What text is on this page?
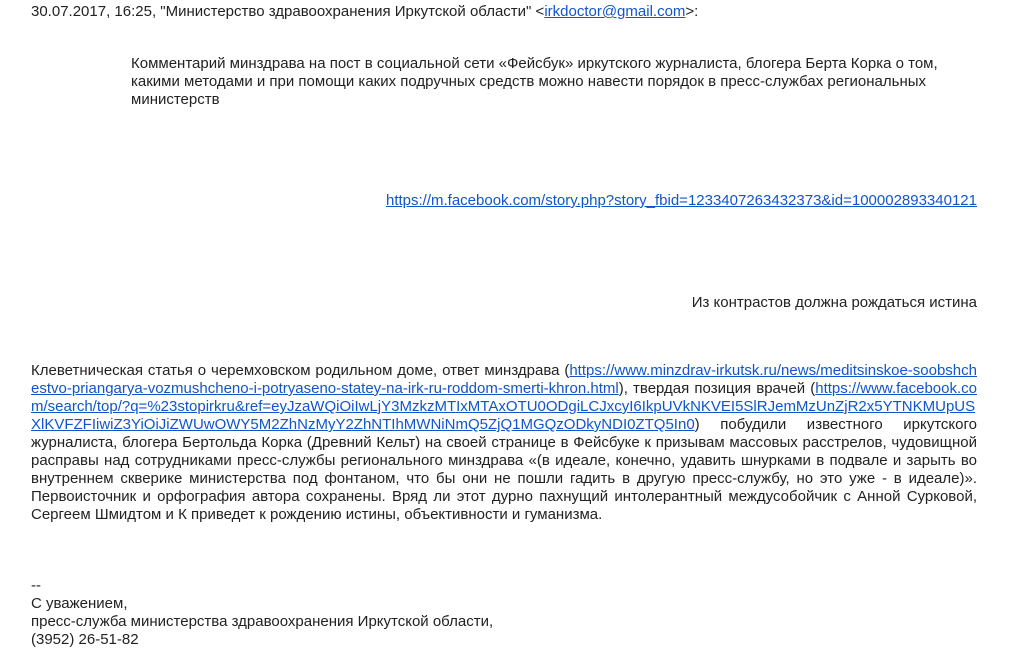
30.07.2017, 16:25, "Министерство здравоохранения Иркутской области" <irkdoctor@gmail.com>:
Комментарий минздрава на пост в социальной сети «Фейсбук» иркутского журналиста, блогера Берта Корка о том, какими методами и при помощи каких подручных средств можно навести порядок в пресс-службах региональных министерств
https://m.facebook.com/story.php?story_fbid=1233407263432373&id=100002893340121
Из контрастов должна рождаться истина
Клеветническая статья о черемховском родильном доме, ответ минздрава (https://www.minzdrav-irkutsk.ru/news/meditsinskoe-soobshchestvo-priangarya-vozmushcheno-i-potryaseno-statey-na-irk-ru-roddom-smerti-khron.html), твердая позиция врачей (https://www.facebook.com/search/top/?q=%23stopirkru&ref=eyJzaWQiOiIwLjY3MzkzMTIxMTAxOTU0ODgiLCJxcyI6IkpUVkNKVEI5SlRJemMzUnZjR2x5YTNKMUpUSXlKVFZFIiwiZ3YiOiJiZWUwOWY5M2ZhNzMyY2ZhNTIhMWNiNmQ5ZjQ1MGQzODkyNDI0ZTQ5In0) побудили известного иркутского журналиста, блогера Бертольда Корка (Древний Кельт) на своей странице в Фейсбуке к призывам массовых расстрелов, чудовищной расправы над сотрудниками пресс-службы регионального минздрава «(в идеале, конечно, удавить шнурками в подвале и зарыть во внутреннем скверике министерства под фонтаном, что бы они не пошли гадить в другую пресс-службу, но это уже - в идеале)». Первоисточник и орфография автора сохранены. Вряд ли этот дурно пахнущий интолерантный междусобойчик с Анной Сурковой, Сергеем Шмидтом и К приведет к рождению истины, объективности и гуманизма.
--
С уважением,
пресс-служба министерства здравоохранения Иркутской области,
(3952) 26-51-82
